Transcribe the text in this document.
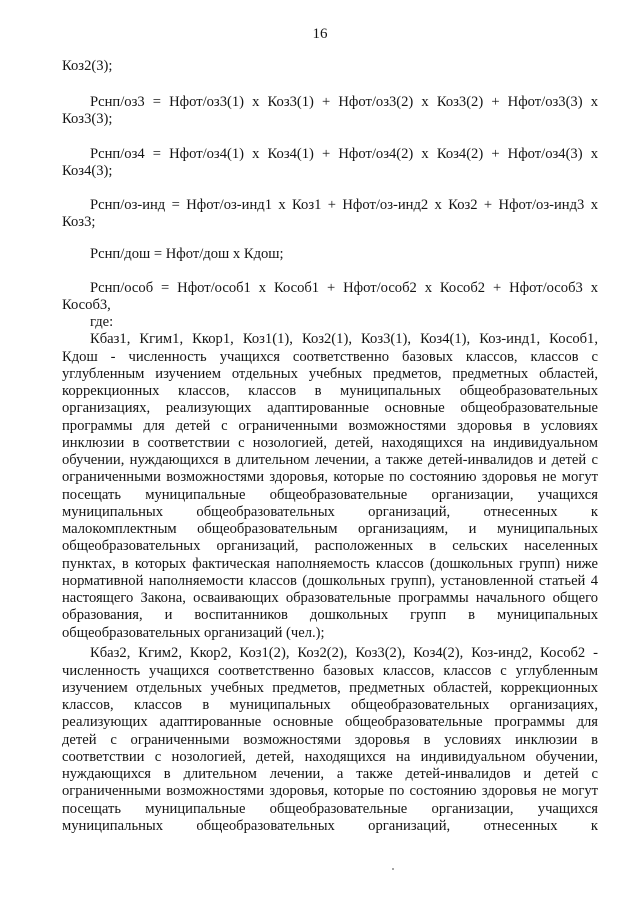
16
Коз2(3);
Рснп/оз3 = Нфот/оз3(1) х Коз3(1) + Нфот/оз3(2) х Коз3(2) + Нфот/оз3(3) х
Коз3(3);
Рснп/оз4 = Нфот/оз4(1) х Коз4(1) + Нфот/оз4(2) х Коз4(2) + Нфот/оз4(3) х
Коз4(3);
Рснп/оз-инд = Нфот/оз-инд1 х Коз1 + Нфот/оз-инд2 х Коз2 + Нфот/оз-инд3 х
Коз3;
Рснп/дош = Нфот/дош х Кдош;
Рснп/особ = Нфот/особ1 х Кособ1 + Нфот/особ2 х Кособ2 + Нфот/особ3 х
Кособ3,
где:
Кбаз1, Кгим1, Ккор1, Коз1(1), Коз2(1), Коз3(1), Коз4(1), Коз-инд1, Кособ1,
Кдош - численность учащихся соответственно базовых классов, классов с
углубленным изучением отдельных учебных предметов, предметных областей,
коррекционных классов, классов в муниципальных общеобразовательных
организациях, реализующих адаптированные основные общеобразовательные
программы для детей с ограниченными возможностями здоровья в условиях
инклюзии в соответствии с нозологией, детей, находящихся на индивидуальном
обучении, нуждающихся в длительном лечении, а также детей-инвалидов и детей с
ограниченными возможностями здоровья, которые по состоянию здоровья не могут
посещать муниципальные общеобразовательные организации, учащихся
муниципальных общеобразовательных организаций, отнесенных к
малокомплектным общеобразовательным организациям, и муниципальных
общеобразовательных организаций, расположенных в сельских населенных
пунктах, в которых фактическая наполняемость классов (дошкольных групп) ниже
нормативной наполняемости классов (дошкольных групп), установленной статьей 4
настоящего Закона, осваивающих образовательные программы начального общего
образования, и воспитанников дошкольных групп в муниципальных
общеобразовательных организаций (чел.);
Кбаз2, Кгим2, Ккор2, Коз1(2), Коз2(2), Коз3(2), Коз4(2), Коз-инд2, Кособ2 -
численность учащихся соответственно базовых классов, классов с углубленным
изучением отдельных учебных предметов, предметных областей, коррекционных
классов, классов в муниципальных общеобразовательных организациях,
реализующих адаптированные основные общеобразовательные программы для
детей с ограниченными возможностями здоровья в условиях инклюзии в
соответствии с нозологией, детей, находящихся на индивидуальном обучении,
нуждающихся в длительном лечении, а также детей-инвалидов и детей с
ограниченными возможностями здоровья, которые по состоянию здоровья не могут
посещать муниципальные общеобразовательные организации, учащихся
муниципальных общеобразовательных организаций, отнесенных к
